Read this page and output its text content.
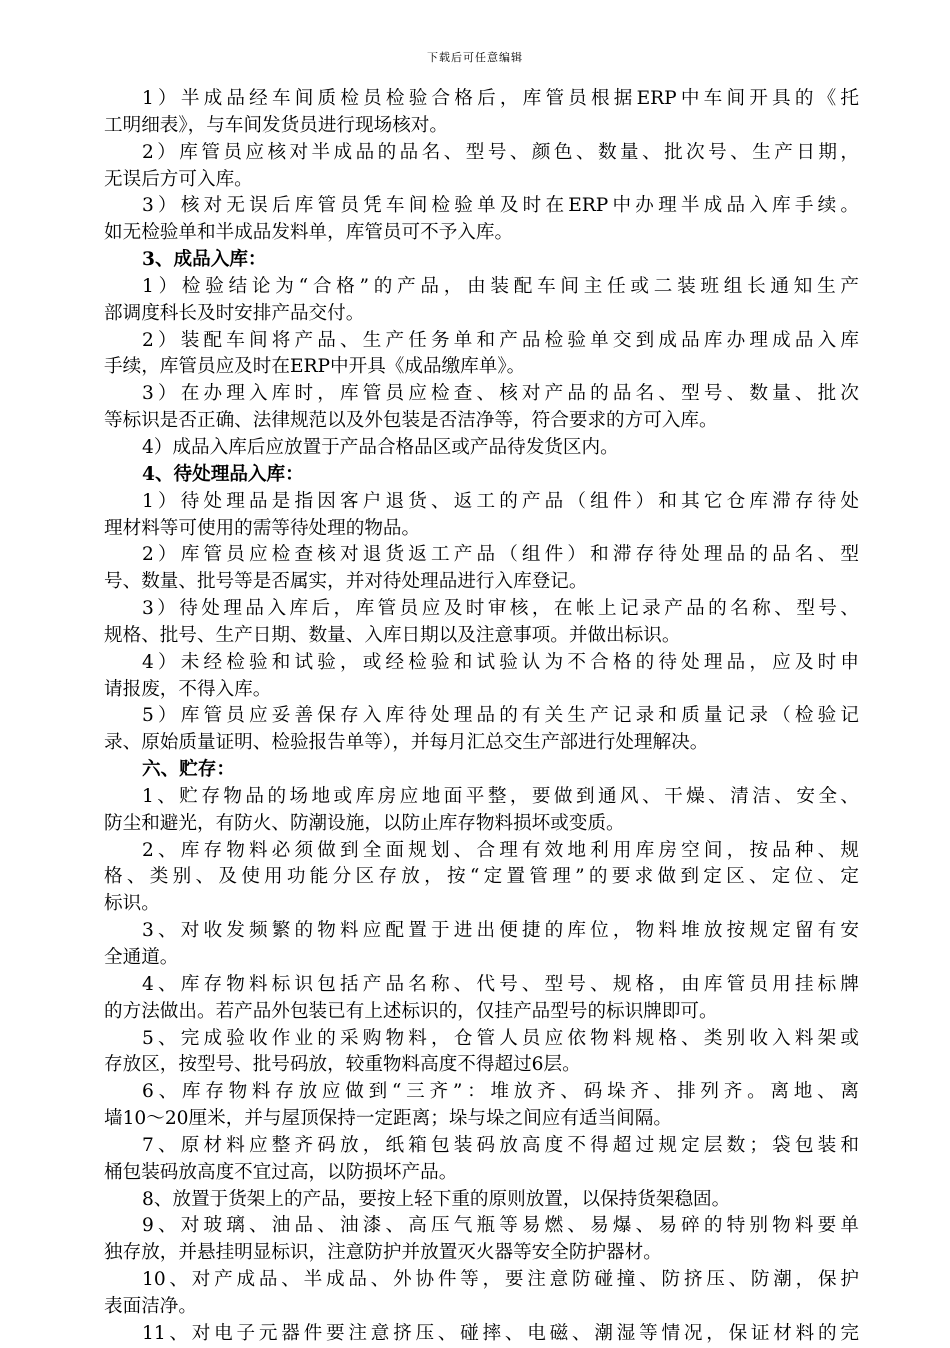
下载后可任意编辑
1）半成品经车间质检员检验合格后，库管员根据ERP中车间开具的《托
工明细表》，与车间发货员进行现场核对。
2）库管员应核对半成品的品名、型号、颜色、数量、批次号、生产日期，
无误后方可入库。
3）核对无误后库管员凭车间检验单及时在ERP中办理半成品入库手续。
如无检验单和半成品发料单，库管员可不予入库。
3、成品入库：
1）检验结论为“合格”的产品，由装配车间主任或二装班组长通知生产
部调度科长及时安排产品交付。
2）装配车间将产品、生产任务单和产品检验单交到成品库办理成品入库
手续，库管员应及时在ERP中开具《成品缴库单》。
3）在办理入库时，库管员应检查、核对产品的品名、型号、数量、批次
等标识是否正确、法律规范以及外包装是否洁净等，符合要求的方可入库。
4）成品入库后应放置于产品合格品区或产品待发货区内。
4、待处理品入库：
1）待处理品是指因客户退货、返工的产品（组件）和其它仓库滞存待处
理材料等可使用的需等待处理的物品。
2）库管员应检查核对退货返工产品（组件）和滞存待处理品的品名、型
号、数量、批号等是否属实，并对待处理品进行入库登记。
3）待处理品入库后，库管员应及时审核，在帐上记录产品的名称、型号、
规格、批号、生产日期、数量、入库日期以及注意事项。并做出标识。
4）未经检验和试验，或经检验和试验认为不合格的待处理品，应及时申
请报废，不得入库。
5）库管员应妥善保存入库待处理品的有关生产记录和质量记录（检验记
录、原始质量证明、检验报告单等），并每月汇总交生产部进行处理解决。
六、贮存：
1、贮存物品的场地或库房应地面平整，要做到通风、干燥、清洁、安全、
防尘和避光，有防火、防潮设施，以防止库存物料损坏或变质。
2、库存物料必须做到全面规划、合理有效地利用库房空间，按品种、规
格、类别、及使用功能分区存放，按“定置管理”的要求做到定区、定位、定
标识。
3、对收发频繁的物料应配置于进出便捷的库位，物料堆放按规定留有安
全通道。
4、库存物料标识包括产品名称、代号、型号、规格，由库管员用挂标牌
的方法做出。若产品外包装已有上述标识的，仅挂产品型号的标识牌即可。
5、完成验收作业的采购物料，仓管人员应依物料规格、类别收入料架或
存放区，按型号、批号码放，较重物料高度不得超过6层。
6、库存物料存放应做到“三齐”：堆放齐、码垛齐、排列齐。离地、离
墙10～20厘米，并与屋顶保持一定距离；垛与垛之间应有适当间隔。
7、原材料应整齐码放，纸箱包装码放高度不得超过规定层数；袋包装和
桶包装码放高度不宜过高，以防损坏产品。
8、放置于货架上的产品，要按上轻下重的原则放置，以保持货架稳固。
9、对玻璃、油品、油漆、高压气瓶等易燃、易爆、易碎的特别物料要单
独存放，并悬挂明显标识，注意防护并放置灭火器等安全防护器材。
10、对产成品、半成品、外协件等，要注意防碰撞、防挤压、防潮，保护
表面洁净。
11、对电子元器件要注意挤压、碰摔、电磁、潮湿等情况，保证材料的完
